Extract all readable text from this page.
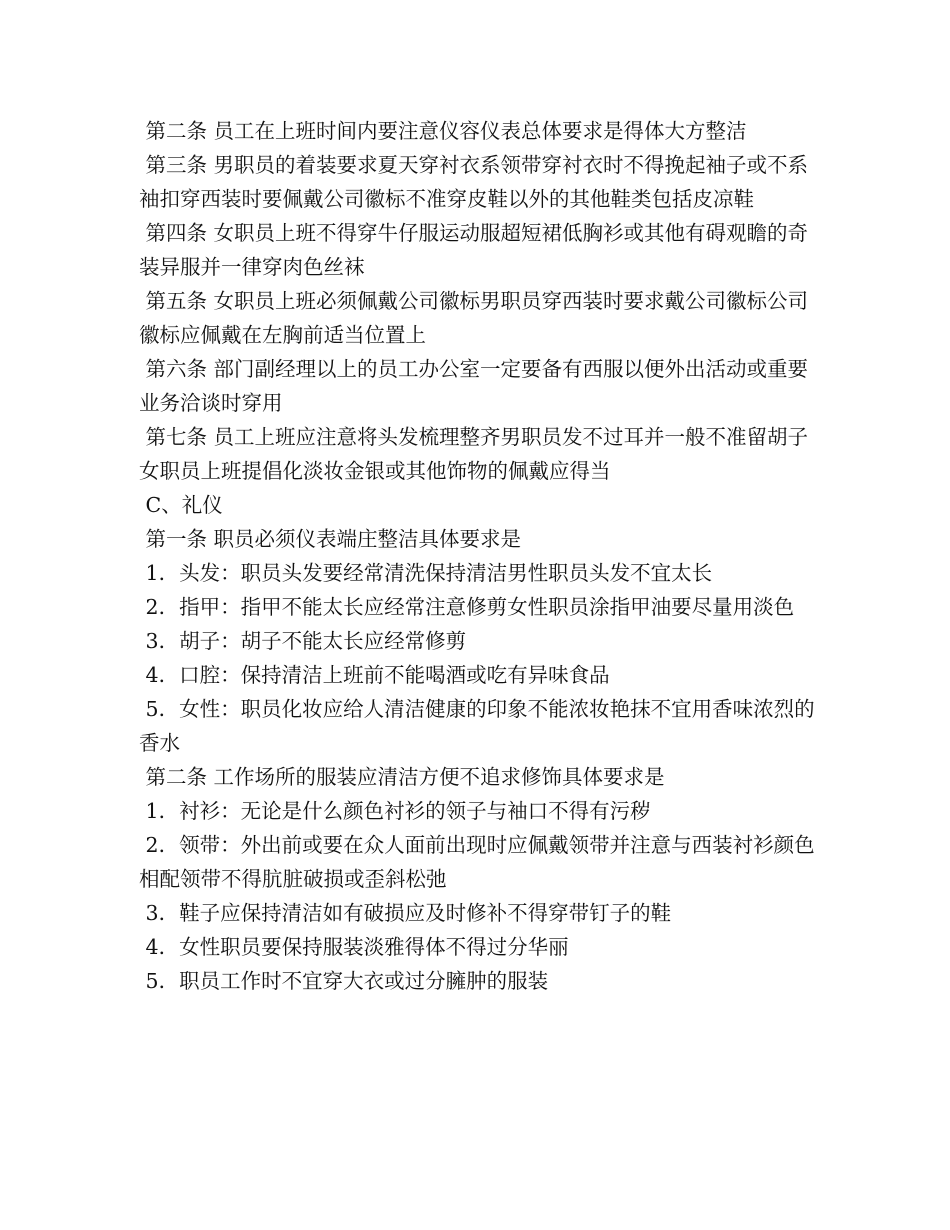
第二条 员工在上班时间内要注意仪容仪表总体要求是得体大方整洁

第三条 男职员的着装要求夏天穿衬衣系领带穿衬衣时不得挽起袖子或不系袖扣穿西装时要佩戴公司徽标不准穿皮鞋以外的其他鞋类包括皮凉鞋

第四条 女职员上班不得穿牛仔服运动服超短裙低胸衫或其他有碍观瞻的奇装异服并一律穿肉色丝袜

第五条 女职员上班必须佩戴公司徽标男职员穿西装时要求戴公司徽标公司徽标应佩戴在左胸前适当位置上

第六条 部门副经理以上的员工办公室一定要备有西服以便外出活动或重要业务洽谈时穿用

第七条 员工上班应注意将头发梳理整齐男职员发不过耳并一般不准留胡子女职员上班提倡化淡妆金银或其他饰物的佩戴应得当

C、礼仪

第一条 职员必须仪表端庄整洁具体要求是

1．头发：职员头发要经常清洗保持清洁男性职员头发不宜太长

2．指甲：指甲不能太长应经常注意修剪女性职员涂指甲油要尽量用淡色

3．胡子：胡子不能太长应经常修剪

4．口腔：保持清洁上班前不能喝酒或吃有异味食品

5．女性：职员化妆应给人清洁健康的印象不能浓妆艳抹不宜用香味浓烈的香水

第二条 工作场所的服装应清洁方便不追求修饰具体要求是

1．衬衫：无论是什么颜色衬衫的领子与袖口不得有污秽

2．领带：外出前或要在众人面前出现时应佩戴领带并注意与西装衬衫颜色相配领带不得肮脏破损或歪斜松弛

3．鞋子应保持清洁如有破损应及时修补不得穿带钉子的鞋

4．女性职员要保持服装淡雅得体不得过分华丽

5．职员工作时不宜穿大衣或过分臃肿的服装
